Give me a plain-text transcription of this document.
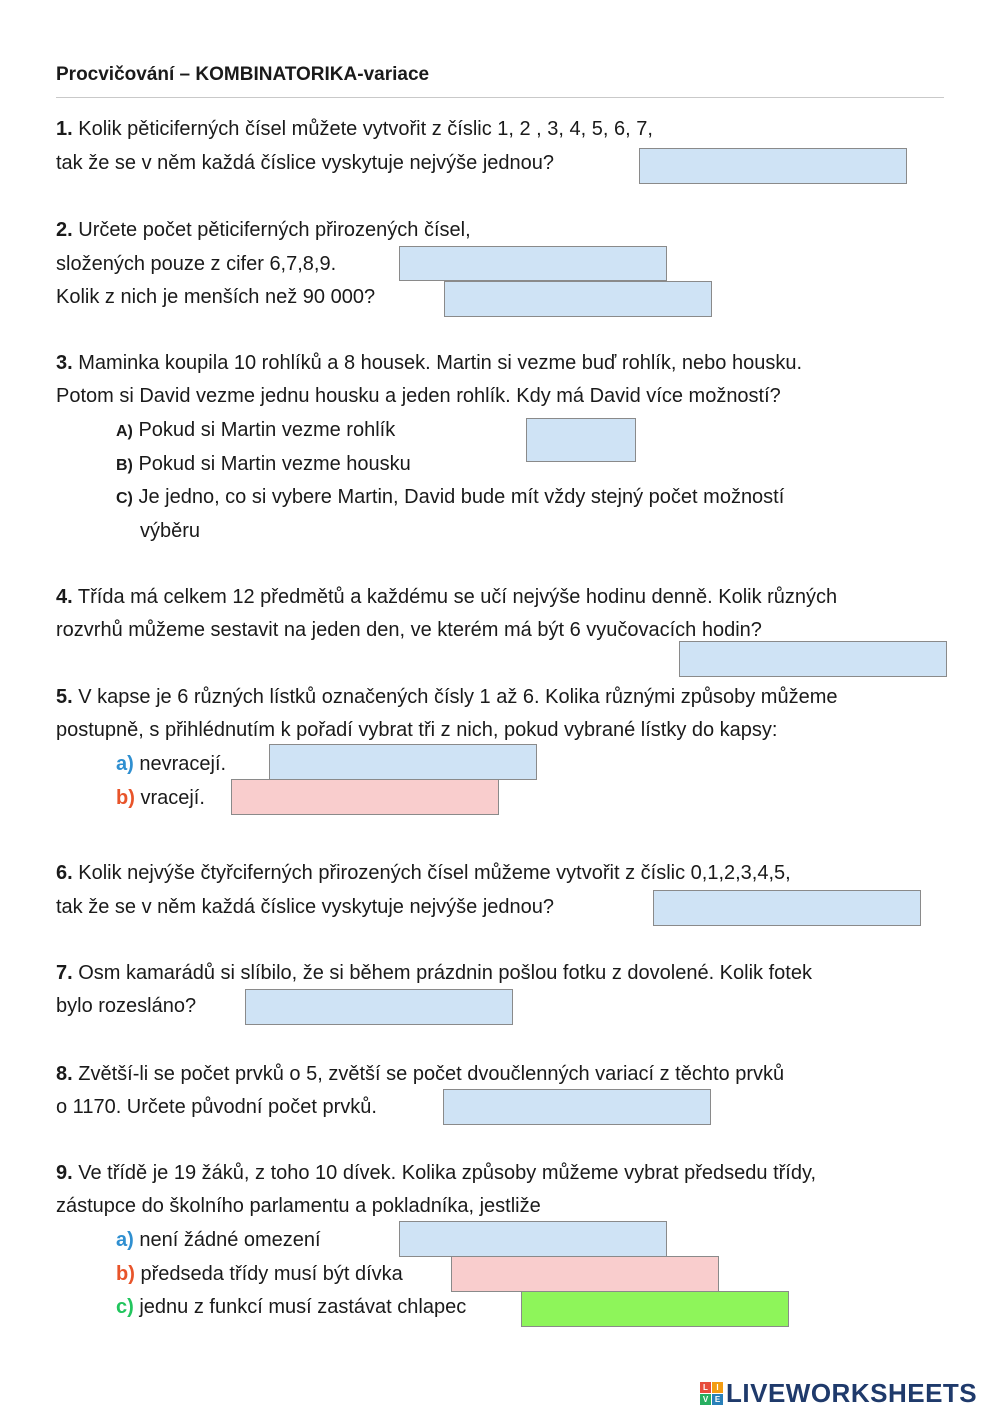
Procvičování – KOMBINATORIKA-variace
1. Kolik pěticiferných čísel můžete vytvořit z číslic 1, 2 , 3, 4, 5, 6, 7,
tak že se v něm každá číslice vyskytuje nejvýše jednou?
2. Určete počet pěticiferných přirozených čísel,
složených pouze z cifer 6,7,8,9.
Kolik z nich je menších než 90 000?
3. Maminka koupila 10 rohlíků a 8 housek. Martin si vezme buď rohlík, nebo housku.
Potom si David vezme jednu housku a jeden rohlík. Kdy má David více možností?
A) Pokud si Martin vezme rohlík
B) Pokud si Martin vezme housku
C) Je jedno, co si vybere Martin, David bude mít vždy stejný počet možností
výběru
4. Třída má celkem 12 předmětů a každému se učí nejvýše hodinu denně. Kolik různých
rozvrhů můžeme sestavit na jeden den, ve kterém má být 6 vyučovacích hodin?
5. V kapse je 6 různých lístků označených čísly 1 až 6. Kolika různými způsoby můžeme
postupně, s přihlédnutím k pořadí vybrat tři z nich, pokud vybrané lístky do kapsy:
a) nevracejí.
b) vracejí.
6. Kolik nejvýše čtyřciferných přirozených čísel můžeme vytvořit z číslic 0,1,2,3,4,5,
tak že se v něm každá číslice vyskytuje nejvýše jednou?
7. Osm kamarádů si slíbilo, že si během prázdnin pošlou fotku z dovolené. Kolik fotek
bylo rozesláno?
8. Zvětší-li se počet prvků o 5, zvětší se počet dvoučlenných variací z těchto prvků
o 1170. Určete původní počet prvků.
9. Ve třídě je 19 žáků, z toho 10 dívek. Kolika způsoby můžeme vybrat předsedu třídy,
zástupce do školního parlamentu a pokladníka, jestliže
a) není žádné omezení
b) předseda třídy musí být dívka
c) jednu z funkcí musí zastávat chlapec
L	I
V E LIVEWORKSHEETS
